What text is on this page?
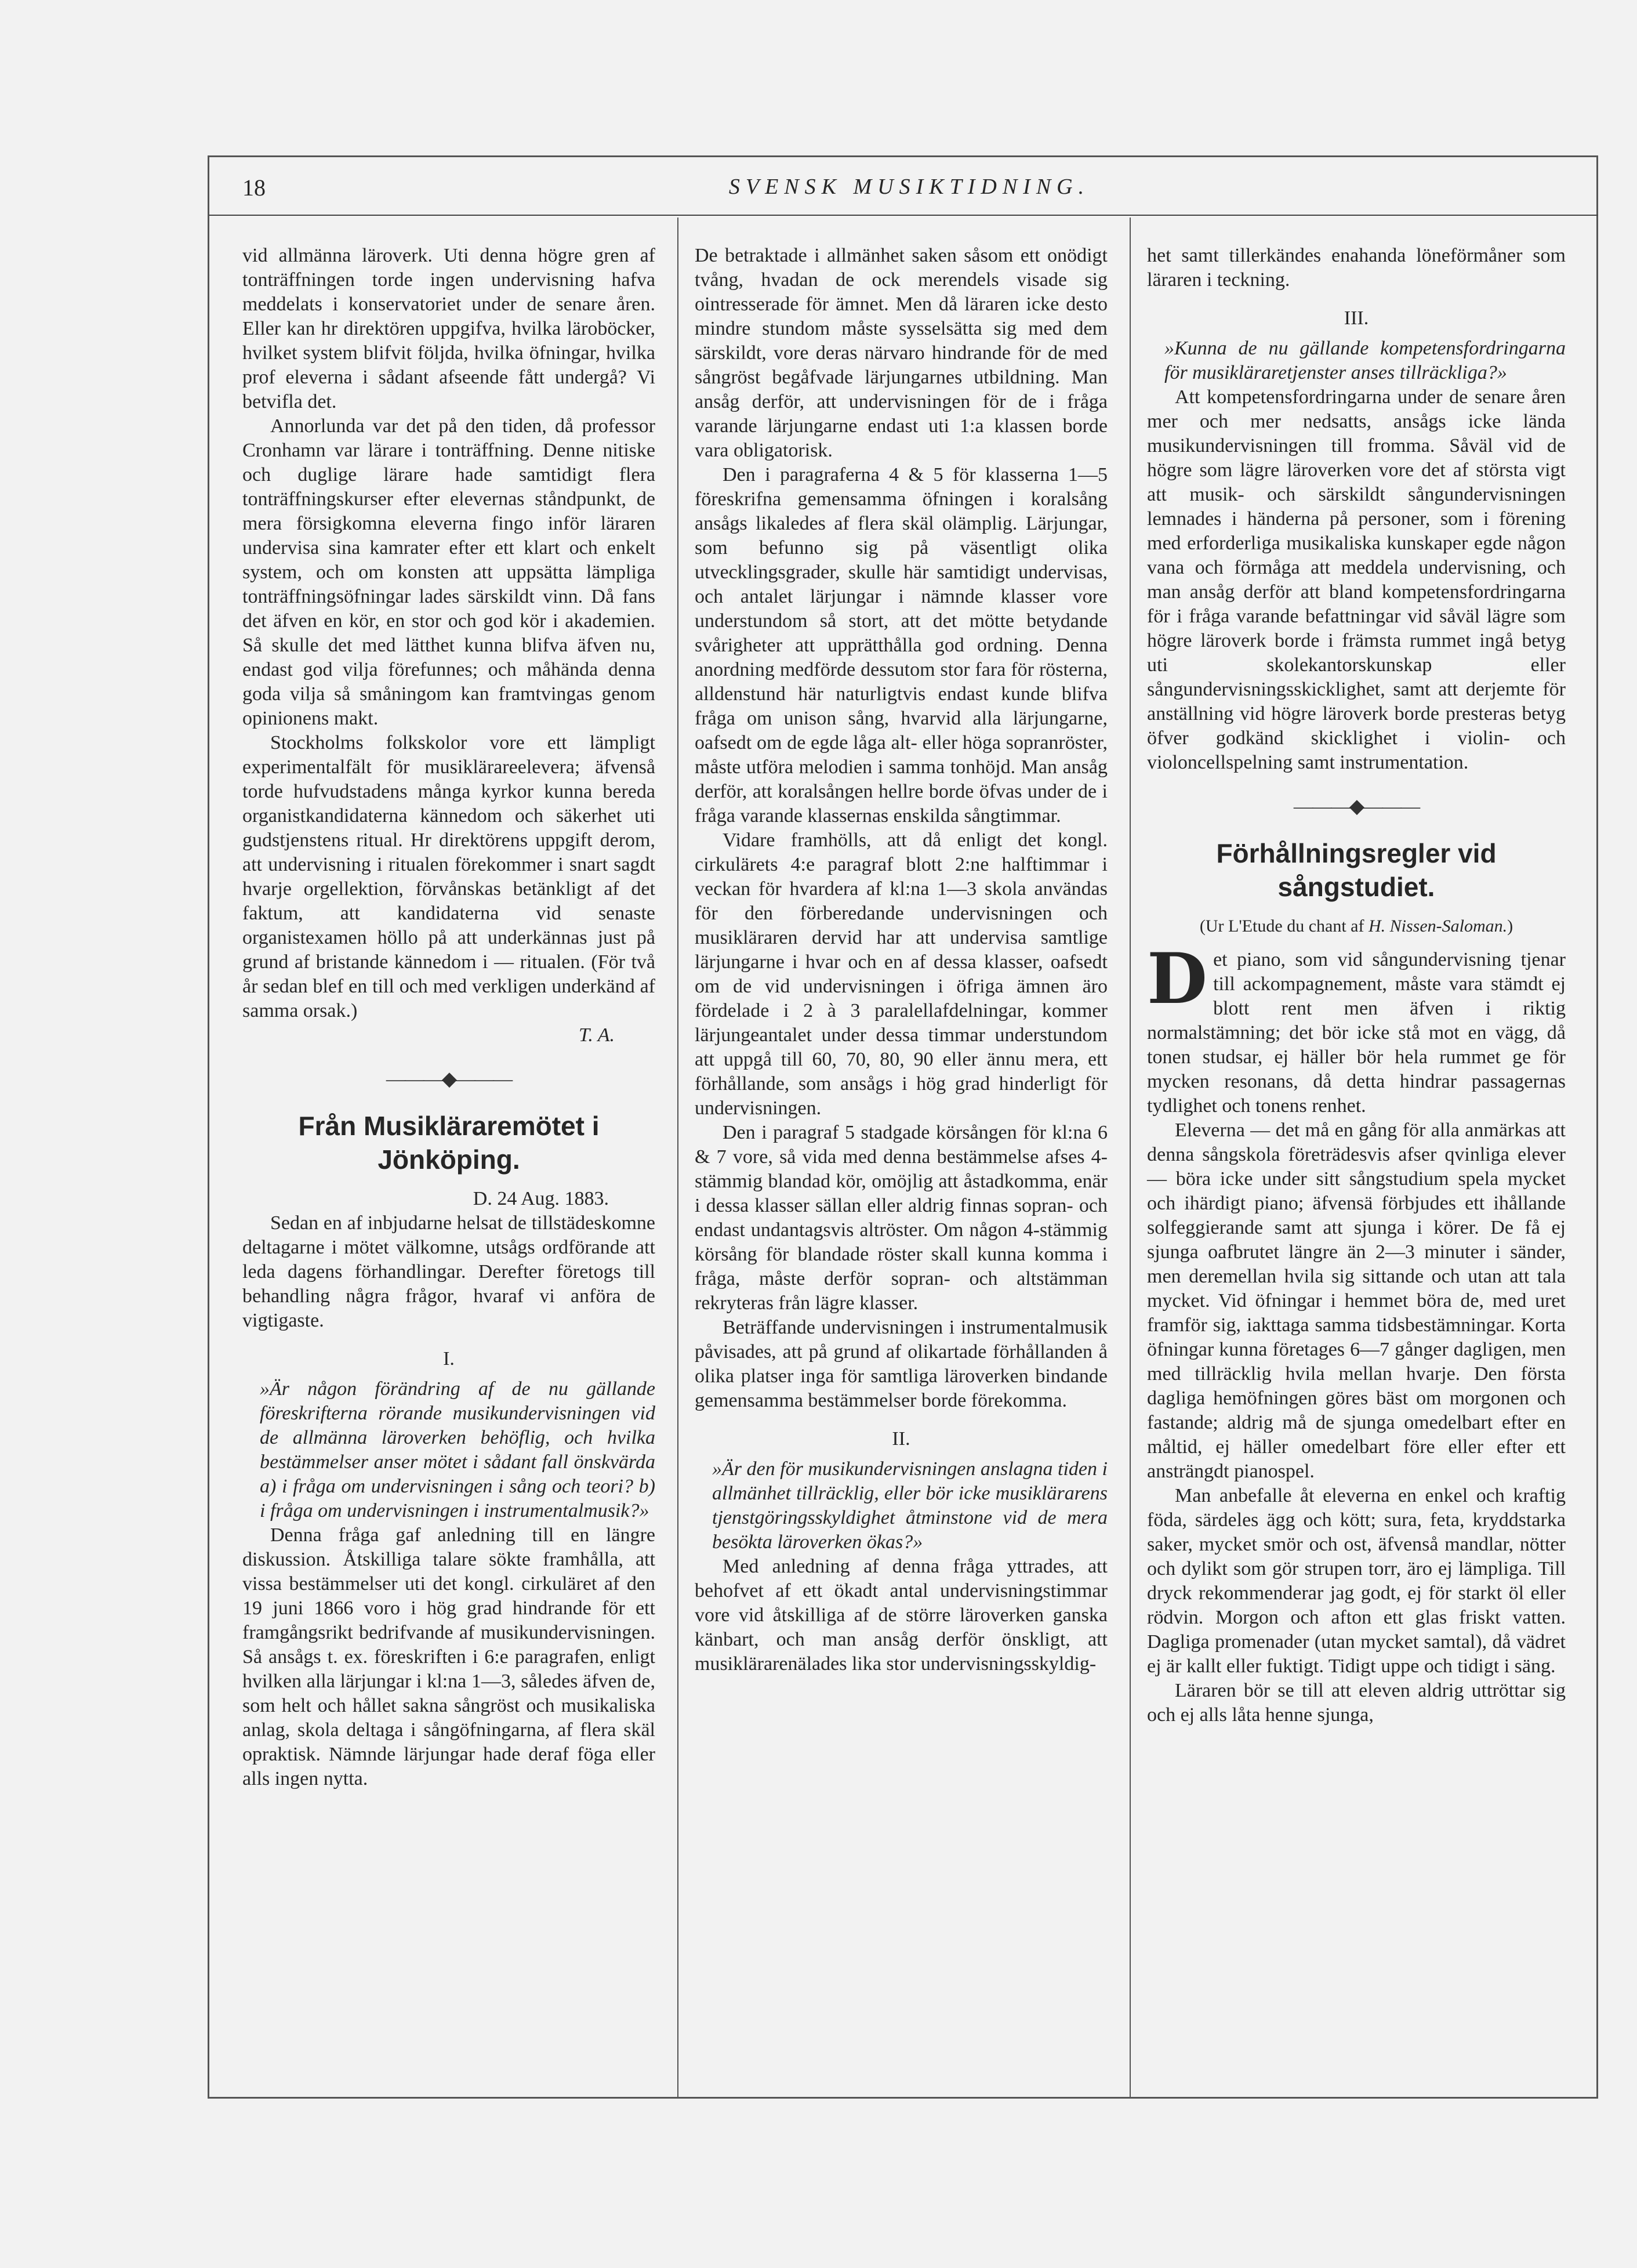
18	SVENSK MUSIKTIDNING.

vid allmänna läroverk. Uti denna högre gren af tonträffningen torde ingen undervisning hafva meddelats i konservatoriet under de senare åren. Eller kan hr direktören uppgifva, hvilka läroböcker, hvilket system blifvit följda, hvilka öfningar, hvilka prof eleverna i sådant afseende fått undergå? Vi betvifla det.

Annorlunda var det på den tiden, då professor Cronhamn var lärare i tonträffning. Denne nitiske och duglige lärare hade samtidigt flera tonträffningskurser efter elevernas ståndpunkt, de mera försigkomna eleverna fingo inför läraren undervisa sina kamrater efter ett klart och enkelt system, och om konsten att uppsätta lämpliga tonträffningsöfningar lades särskildt vinn. Då fans det äfven en kör, en stor och god kör i akademien. Så skulle det med lätthet kunna blifva äfven nu, endast god vilja förefunnes; och måhända denna goda vilja så småningom kan framtvingas genom opinionens makt.

Stockholms folkskolor vore ett lämpligt experimentalfält för musiklärareelevera; äfvenså torde hufvudstadens många kyrkor kunna bereda organistkandidaterna kännedom och säkerhet uti gudstjenstens ritual. Hr direktörens uppgift derom, att undervisning i ritualen förekommer i snart sagdt hvarje orgellektion, förvånskas betänkligt af det faktum, att kandidaterna vid senaste organistexamen höllo på att underkännas just på grund af bristande kännedom i — ritualen. (För två år sedan blef en till och med verkligen underkänd af samma orsak.)

T. A.

———◆———
Från Musikläraremötet i Jönköping.

D. 24 Aug. 1883.

Sedan en af inbjudarne helsat de tillstädeskomne deltagarne i mötet välkomne, utsågs ordförande att leda dagens förhandlingar. Derefter företogs till behandling några frågor, hvaraf vi anföra de vigtigaste.

I.

»Är någon förändring af de nu gällande föreskrifterna rörande musikundervisningen vid de allmänna läroverken behöflig, och hvilka bestämmelser anser mötet i sådant fall önskvärda a) i fråga om undervisningen i sång och teori? b) i fråga om undervisningen i instrumentalmusik?»

Denna fråga gaf anledning till en längre diskussion. Åtskilliga talare sökte framhålla, att vissa bestämmelser uti det kongl. cirkuläret af den 19 juni 1866 voro i hög grad hindrande för ett framgångsrikt bedrifvande af musikundervisningen. Så ansågs t. ex. föreskriften i 6:e paragrafen, enligt hvilken alla lärjungar i kl:na 1—3, således äfven de, som helt och hållet sakna sångröst och musikaliska anlag, skola deltaga i sångöfningarna, af flera skäl opraktisk. Nämnde lärjungar hade deraf föga eller alls ingen nytta.

De betraktade i allmänhet saken såsom ett onödigt tvång, hvadan de ock merendels visade sig ointresserade för ämnet. Men då läraren icke desto mindre stundom måste sysselsätta sig med dem särskildt, vore deras närvaro hindrande för de med sångröst begåfvade lärjungarnes utbildning. Man ansåg derför, att undervisningen för de i fråga varande lärjungarne endast uti 1:a klassen borde vara obligatorisk.

Den i paragraferna 4 & 5 för klasserna 1—5 föreskrifna gemensamma öfningen i koralsång ansågs likaledes af flera skäl olämplig. Lärjungar, som befunno sig på väsentligt olika utvecklingsgrader, skulle här samtidigt undervisas, och antalet lärjungar i nämnde klasser vore understundom så stort, att det mötte betydande svårigheter att upprätthålla god ordning. Denna anordning medförde dessutom stor fara för rösterna, alldenstund här naturligtvis endast kunde blifva fråga om unison sång, hvarvid alla lärjungarne, oafsedt om de egde låga alt- eller höga sopranröster, måste utföra melodien i samma tonhöjd. Man ansåg derför, att koralsången hellre borde öfvas under de i fråga varande klassernas enskilda sångtimmar.

Vidare framhölls, att då enligt det kongl. cirkulärets 4:e paragraf blott 2:ne halftimmar i veckan för hvardera af kl:na 1—3 skola användas för den förberedande undervisningen och musikläraren dervid har att undervisa samtlige lärjungarne i hvar och en af dessa klasser, oafsedt om de vid undervisningen i öfriga ämnen äro fördelade i 2 à 3 paralellafdelningar, kommer lärjungeantalet under dessa timmar understundom att uppgå till 60, 70, 80, 90 eller ännu mera, ett förhållande, som ansågs i hög grad hinderligt för undervisningen.

Den i paragraf 5 stadgade körsången för kl:na 6 & 7 vore, så vida med denna bestämmelse afses 4-stämmig blandad kör, omöjlig att åstadkomma, enär i dessa klasser sällan eller aldrig finnas sopran- och endast undantagsvis altröster. Om någon 4-stämmig körsång för blandade röster skall kunna komma i fråga, måste derför sopran- och altstämman rekryteras från lägre klasser.

Beträffande undervisningen i instrumentalmusik påvisades, att på grund af olikartade förhållanden å olika platser inga för samtliga läroverken bindande gemensamma bestämmelser borde förekomma.

II.

»Är den för musikundervisningen anslagna tiden i allmänhet tillräcklig, eller bör icke musiklärarens tjenstgöringsskyldighet åtminstone vid de mera besökta läroverken ökas?»

Med anledning af denna fråga yttrades, att behofvet af ett ökadt antal undervisningstimmar vore vid åtskilliga af de större läroverken ganska känbart, och man ansåg derför önskligt, att musiklärarenälades lika stor undervisningsskyldig-

het samt tillerkändes enahanda löneförmåner som läraren i teckning.

III.

»Kunna de nu gällande kompetensfordringarna för musikläraretjenster anses tillräckliga?»

Att kompetensfordringarna under de senare åren mer och mer nedsatts, ansågs icke lända musikundervisningen till fromma. Såväl vid de högre som lägre läroverken vore det af största vigt att musik- och särskildt sångundervisningen lemnades i händerna på personer, som i förening med erforderliga musikaliska kunskaper egde någon vana och förmåga att meddela undervisning, och man ansåg derför att bland kompetensfordringarna för i fråga varande befattningar vid såväl lägre som högre läroverk borde i främsta rummet ingå betyg uti skolekantorskunskap eller sångundervisningsskicklighet, samt att derjemte för anställning vid högre läroverk borde presteras betyg öfver godkänd skicklighet i violin- och violoncellspelning samt instrumentation.

———◆———
Förhållningsregler vid sångstudiet.
(Ur L'Etude du chant af H. Nissen-Saloman.)
D et piano, som vid sångundervisning tjenar till ackompagnement, måste vara stämdt ej blott rent men äfven i riktig normalstämning; det bör icke stå mot en vägg, då tonen studsar, ej häller bör hela rummet ge för mycken resonans, då detta hindrar passagernas tydlighet och tonens renhet.

Eleverna — det må en gång för alla anmärkas att denna sångskola företrädesvis afser qvinliga elever — böra icke under sitt sångstudium spela mycket och ihärdigt piano; äfvensä förbjudes ett ihållande solfeggierande samt att sjunga i körer. De få ej sjunga oafbrutet längre än 2—3 minuter i sänder, men deremellan hvila sig sittande och utan att tala mycket. Vid öfningar i hemmet böra de, med uret framför sig, iakttaga samma tidsbestämningar. Korta öfningar kunna företages 6—7 gånger dagligen, men med tillräcklig hvila mellan hvarje. Den första dagliga hemöfningen göres bäst om morgonen och fastande; aldrig må de sjunga omedelbart efter en måltid, ej häller omedelbart före eller efter ett ansträngdt pianospel.

Man anbefalle åt eleverna en enkel och kraftig föda, särdeles ägg och kött; sura, feta, kryddstarka saker, mycket smör och ost, äfvenså mandlar, nötter och dylikt som gör strupen torr, äro ej lämpliga. Till dryck rekommenderar jag godt, ej för starkt öl eller rödvin. Morgon och afton ett glas friskt vatten. Dagliga promenader (utan mycket samtal), då vädret ej är kallt eller fuktigt. Tidigt uppe och tidigt i säng.

Läraren bör se till att eleven aldrig uttröttar sig och ej alls låta henne sjunga,
